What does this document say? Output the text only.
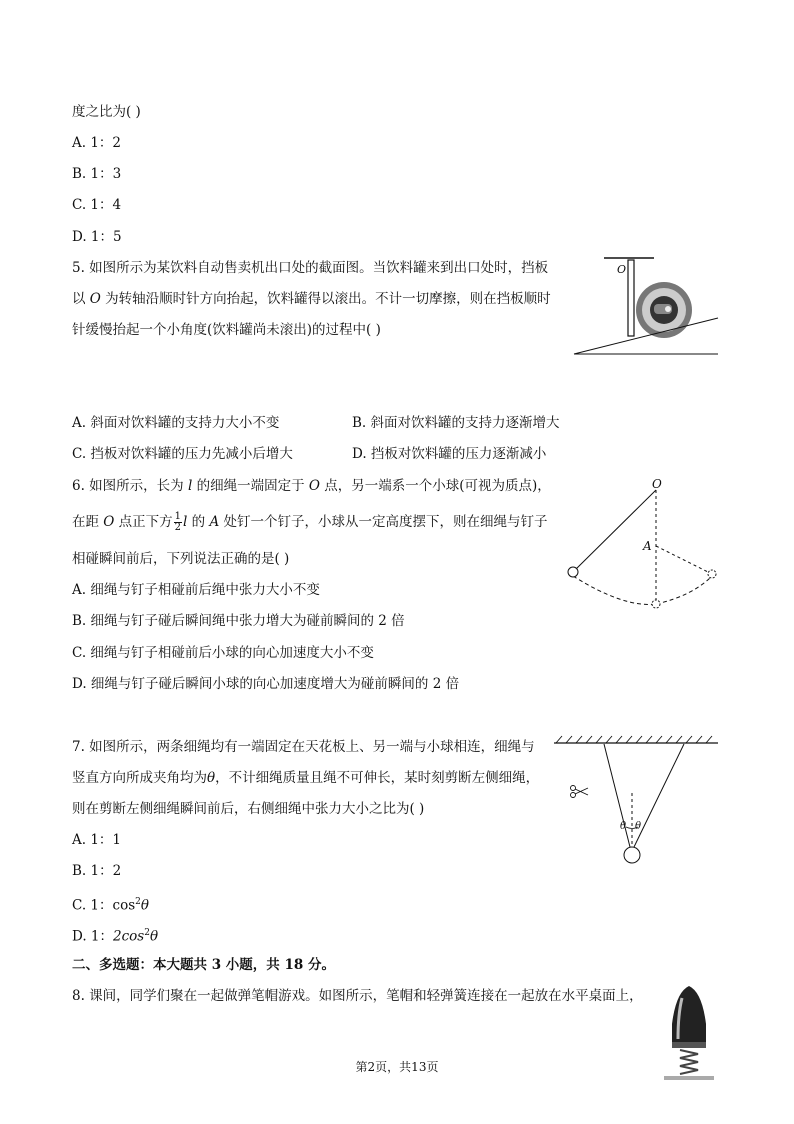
度之比为( )
A. 1：2
B. 1：3
C. 1：4
D. 1：5
5. 如图所示为某饮料自动售卖机出口处的截面图。当饮料罐来到出口处时，挡板
以 O 为转轴沿顺时针方向抬起，饮料罐得以滚出。不计一切摩擦，则在挡板顺时
针缓慢抬起一个小角度(饮料罐尚未滚出)的过程中( )
A. 斜面对饮料罐的支持力大小不变	B. 斜面对饮料罐的支持力逐渐增大
C. 挡板对饮料罐的压力先减小后增大	D. 挡板对饮料罐的压力逐渐减小
O
6. 如图所示，长为 l 的细绳一端固定于 O 点，另一端系一个小球(可视为质点)，
在距 O 点正下方 $\frac{1}{2}$ l 的 A 处钉一个钉子，小球从一定高度摆下，则在细绳与钉子
相碰瞬间前后，下列说法正确的是( )
A. 细绳与钉子相碰前后绳中张力大小不变
B. 细绳与钉子碰后瞬间绳中张力增大为碰前瞬间的 2 倍
C. 细绳与钉子相碰前后小球的向心加速度大小不变
D. 细绳与钉子碰后瞬间小球的向心加速度增大为碰前瞬间的 2 倍
O
A
7. 如图所示，两条细绳均有一端固定在天花板上、另一端与小球相连，细绳与
竖直方向所成夹角均为θ，不计细绳质量且绳不可伸长，某时刻剪断左侧细绳，
则在剪断左侧细绳瞬间前后，右侧细绳中张力大小之比为( )
A. 1：1
B. 1：2
C. 1：$\cos^2\theta$
D. 1：$2\cos^2\theta$
θ θ
二、多选题：本大题共 3 小题，共 18 分。
8. 课间，同学们聚在一起做弹笔帽游戏。如图所示，笔帽和轻弹簧连接在一起放在水平桌面上，
第2页，共13页
